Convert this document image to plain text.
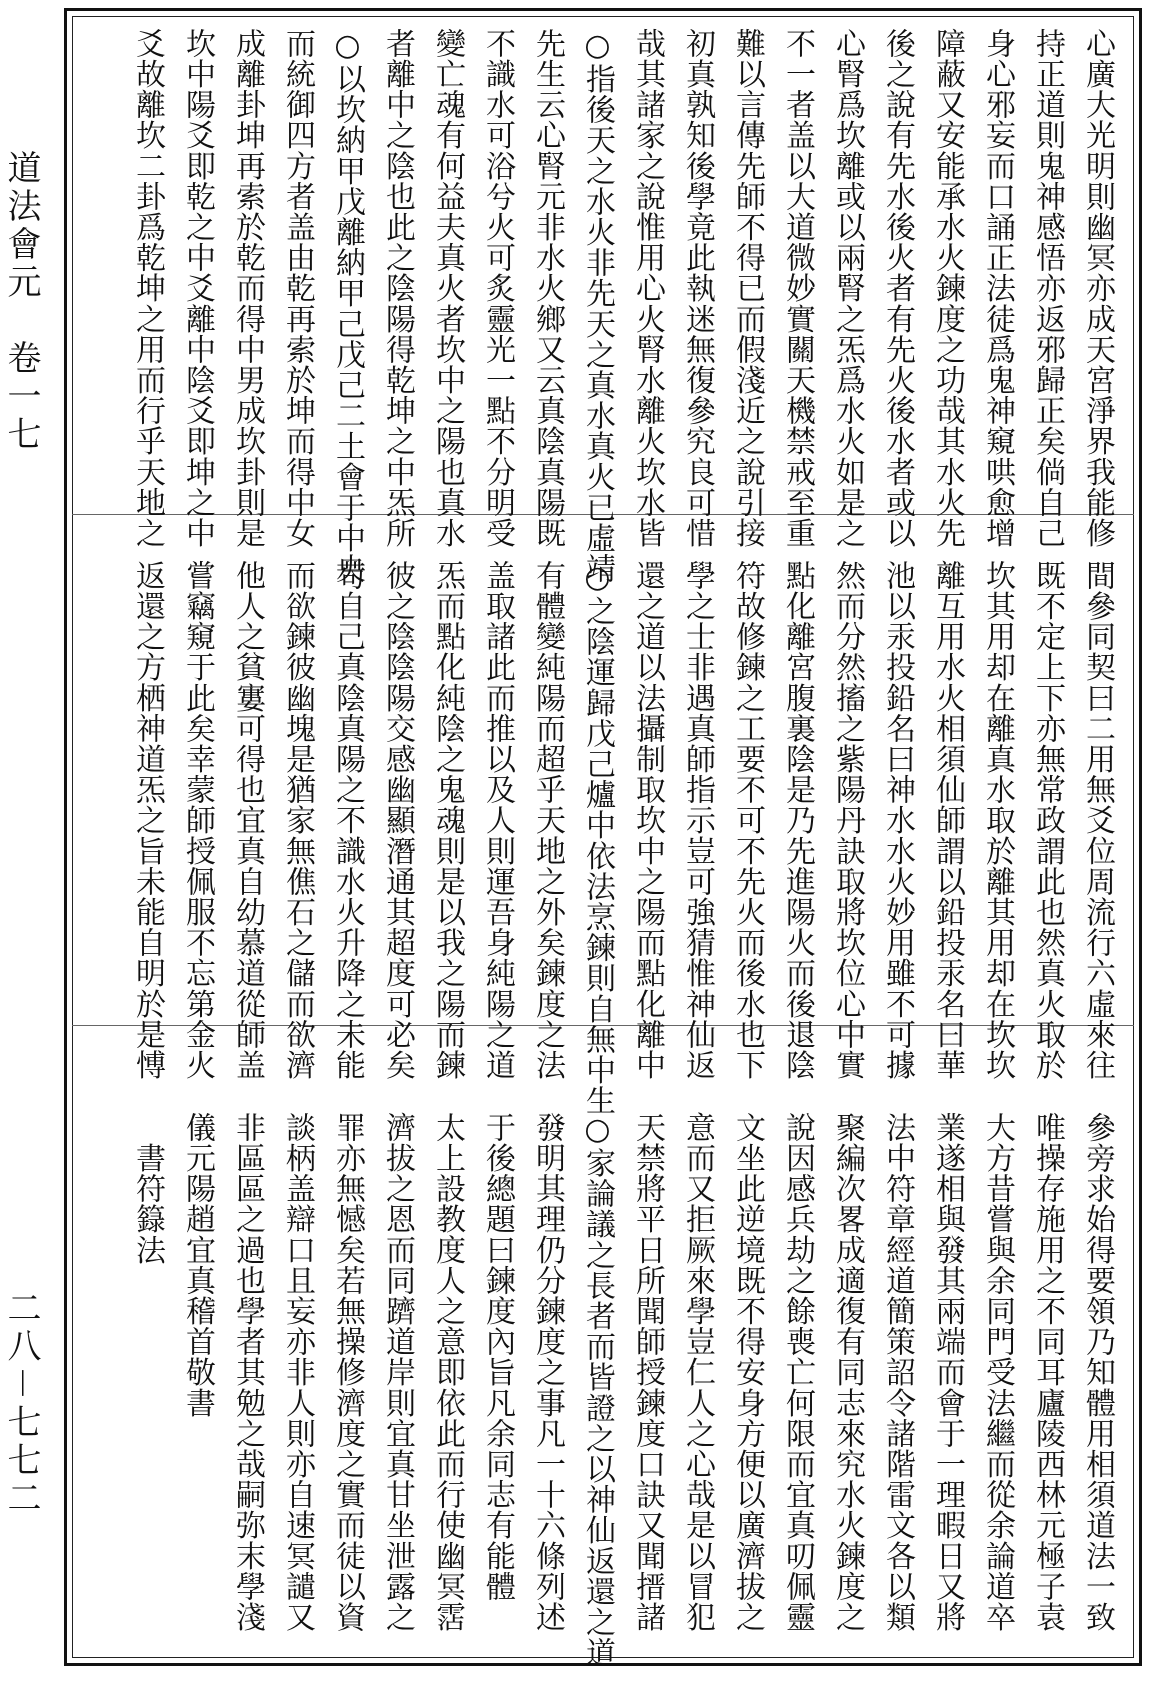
道法會元　卷一七
二八－七七二
心廣大光明則幽冥亦成天宮淨界我能修
持正道則鬼神感悟亦返邪歸正矣倘自己
身心邪妄而口誦正法徒爲鬼神窺哄愈增
障蔽又安能承水火鍊度之功哉其水火先
後之說有先水後火者有先火後水者或以
心腎爲坎離或以兩腎之炁爲水火如是之
不一者盖以大道微妙實關天機禁戒至重
難以言傳先師不得已而假淺近之說引接
初真孰知後學竟此執迷無復參究良可惜
哉其諸家之說惟用心火腎水離火坎水皆
○指後天之水火非先天之真水真火已虛靖
先生云心腎元非水火鄉又云真陰真陽既
不識水可浴兮火可炙靈光一點不分明受
變亡魂有何益夫真火者坎中之陽也真水
者離中之陰也此之陰陽得乾坤之中炁所
○以坎納甲戊離納甲己戊己二土會于中央
而統御四方者盖由乾再索於坤而得中女
成離卦坤再索於乾而得中男成坎卦則是
坎中陽爻即乾之中爻離中陰爻即坤之中
爻故離坎二卦爲乾坤之用而行乎天地之
間參同契曰二用無爻位周流行六虛來往
既不定上下亦無常政謂此也然真火取於
坎其用却在離真水取於離其用却在坎坎
離互用水火相須仙師謂以鉛投汞名曰華
池以汞投鉛名曰神水水火妙用雖不可據
然而分然搐之紫陽丹訣取將坎位心中實
點化離宮腹裏陰是乃先進陽火而後退陰
符故修鍊之工要不可不先火而後水也下
學之士非遇真師指示豈可強猜惟神仙返
還之道以法攝制取坎中之陽而點化離中
○之陰運歸戊己爐中依法烹鍊則自無中生
有體變純陽而超乎天地之外矣鍊度之法
盖取諸此而推以及人則運吾身純陽之道
炁而點化純陰之鬼魂則是以我之陽而鍊
彼之陰陰陽交感幽顯潛通其超度可必矣
苟自己真陰真陽之不識水火升降之未能
而欲鍊彼幽塊是猶家無僬石之儲而欲濟
他人之貧寠可得也宜真自幼慕道從師盖
嘗竊窺于此矣幸蒙師授佩服不忘第金火
返還之方栖神道炁之旨未能自明於是愽
參旁求始得要領乃知體用相須道法一致
唯操存施用之不同耳廬陵西林元極子袁
大方昔嘗與余同門受法繼而從余論道卒
業遂相與發其兩端而會于一理暇日又將
法中符章經道簡策詔令諸階雷文各以類
聚編次畧成適復有同志來究水火鍊度之
說因感兵劫之餘喪亡何限而宜真叨佩靈
文坐此逆境既不得安身方便以廣濟拔之
意而又拒厥來學豈仁人之心哉是以冒犯
天禁將平日所聞師授鍊度口訣又聞搢諸
○家論議之長者而皆證之以神仙返還之道
發明其理仍分鍊度之事凡一十六條列述
于後總題曰鍊度內旨凡余同志有能體
太上設教度人之意即依此而行使幽冥霑
濟拔之恩而同躋道岸則宜真甘坐泄露之
罪亦無憾矣若無操修濟度之實而徒以資
談柄盖辯口且妄亦非人則亦自速冥譴又
非區區之過也學者其勉之哉嗣弥末學淺
儀元陽趙宜真稽首敬書
　書符籙法
